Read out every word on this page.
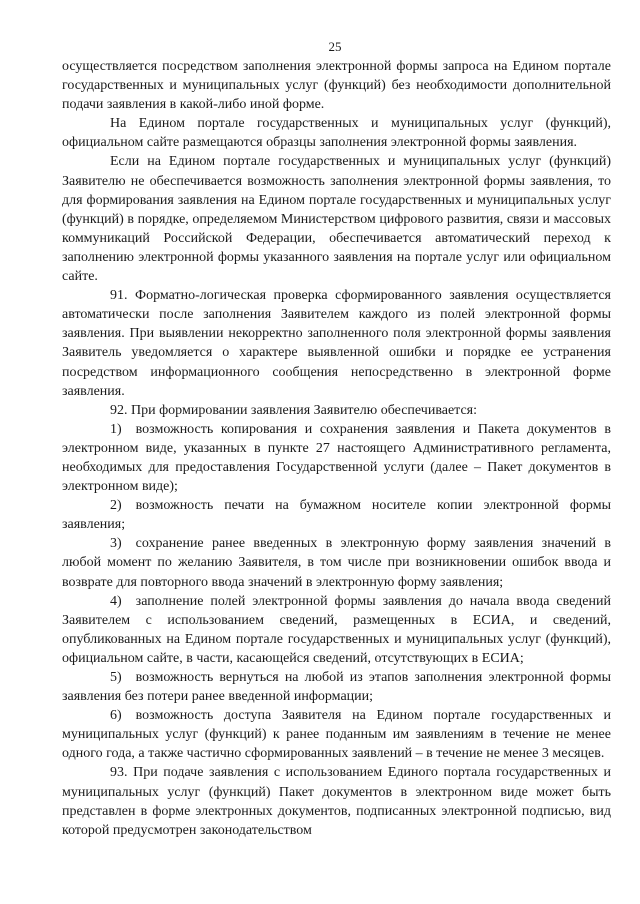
25

осуществляется посредством заполнения электронной формы запроса на Едином портале государственных и муниципальных услуг (функций) без необходимости дополнительной подачи заявления в какой-либо иной форме.

На Едином портале государственных и муниципальных услуг (функций), официальном сайте размещаются образцы заполнения электронной формы заявления.

Если на Едином портале государственных и муниципальных услуг (функций) Заявителю не обеспечивается возможность заполнения электронной формы заявления, то для формирования заявления на Едином портале государственных и муниципальных услуг (функций) в порядке, определяемом Министерством цифрового развития, связи и массовых коммуникаций Российской Федерации, обеспечивается автоматический переход к заполнению электронной формы указанного заявления на портале услуг или официальном сайте.

91. Форматно-логическая проверка сформированного заявления осуществляется автоматически после заполнения Заявителем каждого из полей электронной формы заявления. При выявлении некорректно заполненного поля электронной формы заявления Заявитель уведомляется о характере выявленной ошибки и порядке ее устранения посредством информационного сообщения непосредственно в электронной форме заявления.

92. При формировании заявления Заявителю обеспечивается:

1) возможность копирования и сохранения заявления и Пакета документов в электронном виде, указанных в пункте 27 настоящего Административного регламента, необходимых для предоставления Государственной услуги (далее – Пакет документов в электронном виде);

2) возможность печати на бумажном носителе копии электронной формы заявления;

3) сохранение ранее введенных в электронную форму заявления значений в любой момент по желанию Заявителя, в том числе при возникновении ошибок ввода и возврате для повторного ввода значений в электронную форму заявления;

4) заполнение полей электронной формы заявления до начала ввода сведений Заявителем с использованием сведений, размещенных в ЕСИА, и сведений, опубликованных на Едином портале государственных и муниципальных услуг (функций), официальном сайте, в части, касающейся сведений, отсутствующих в ЕСИА;

5) возможность вернуться на любой из этапов заполнения электронной формы заявления без потери ранее введенной информации;

6) возможность доступа Заявителя на Едином портале государственных и муниципальных услуг (функций) к ранее поданным им заявлениям в течение не менее одного года, а также частично сформированных заявлений – в течение не менее 3 месяцев.

93. При подаче заявления с использованием Единого портала государственных и муниципальных услуг (функций) Пакет документов в электронном виде может быть представлен в форме электронных документов, подписанных электронной подписью, вид которой предусмотрен законодательством
